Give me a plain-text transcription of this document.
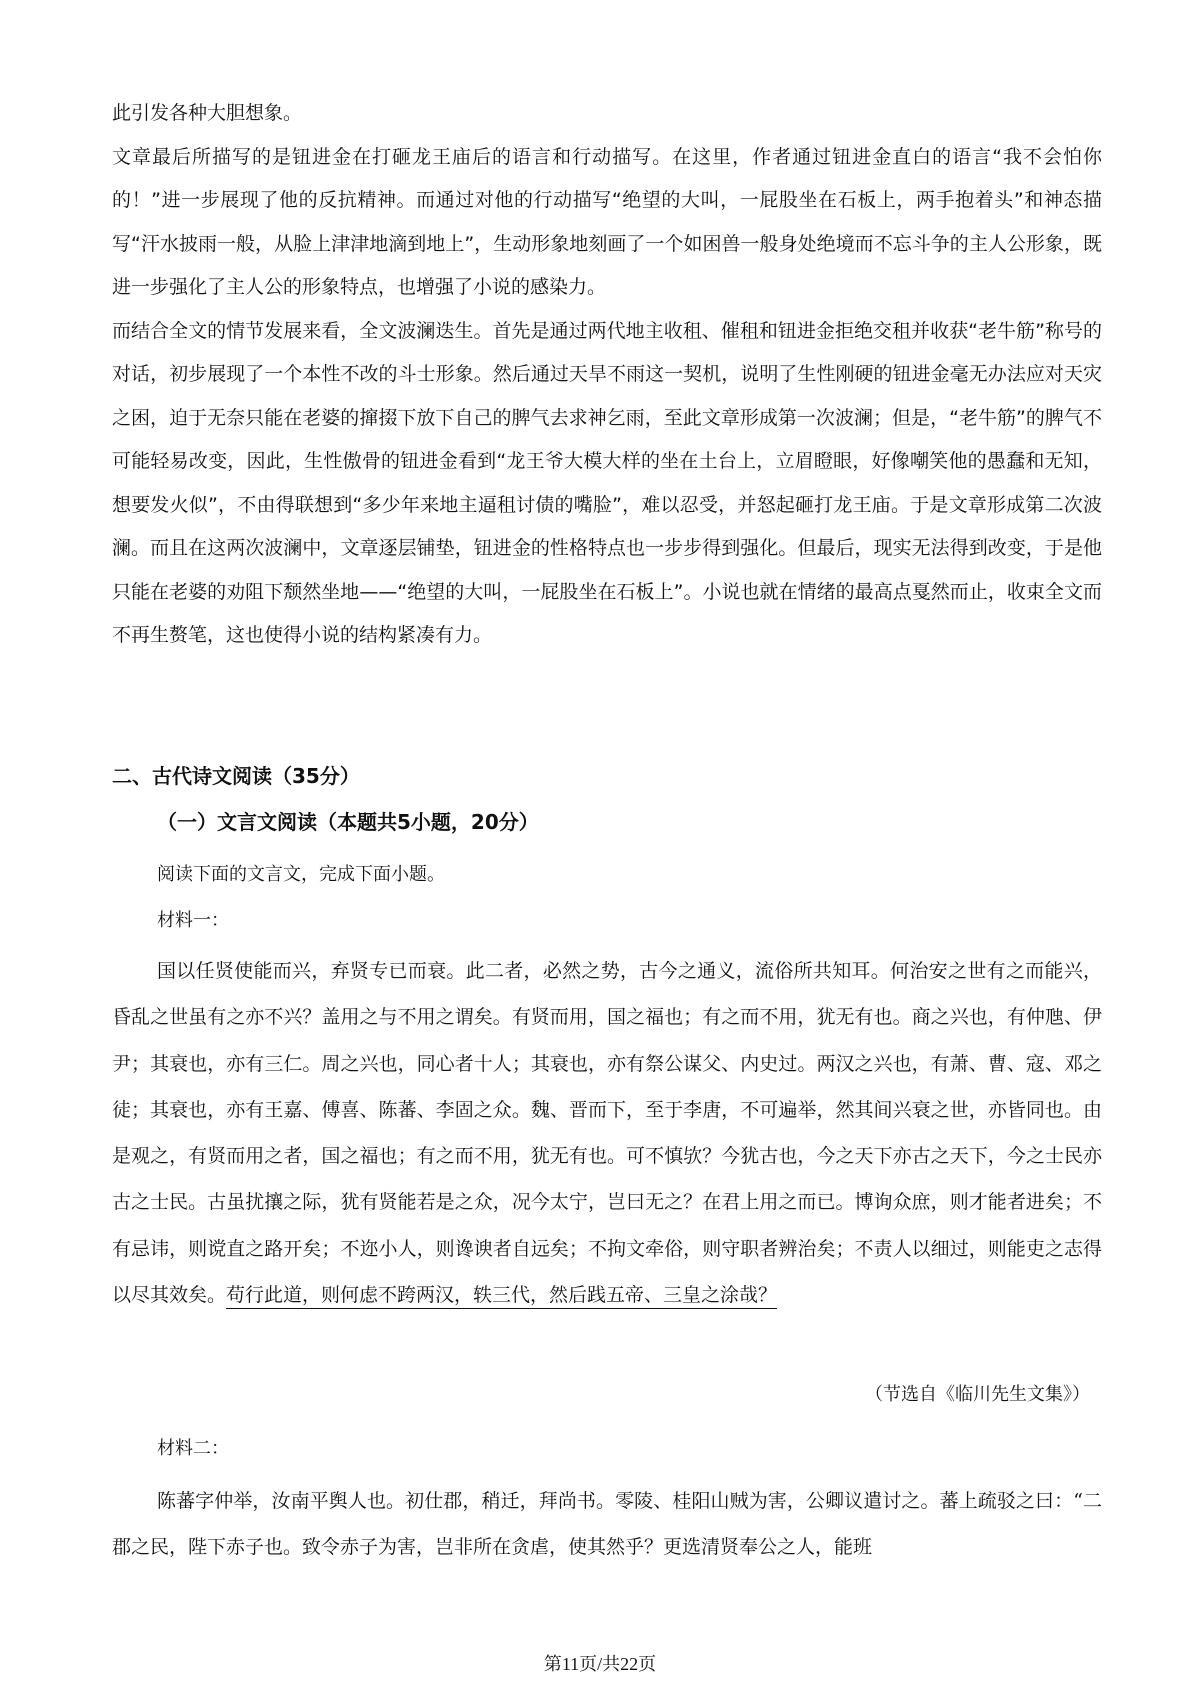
此引发各种大胆想象。

文章最后所描写的是钮进金在打砸龙王庙后的语言和行动描写。在这里，作者通过钮进金直白的语言“我不会怕你的！”进一步展现了他的反抗精神。而通过对他的行动描写“绝望的大叫，一屁股坐在石板上，两手抱着头”和神态描写“汗水披雨一般，从脸上津津地滴到地上”，生动形象地刻画了一个如困兽一般身处绝境而不忘斗争的主人公形象，既进一步强化了主人公的形象特点，也增强了小说的感染力。

而结合全文的情节发展来看，全文波澜迭生。首先是通过两代地主收租、催租和钮进金拒绝交租并收获“老牛筋”称号的对话，初步展现了一个本性不改的斗士形象。然后通过天旱不雨这一契机，说明了生性刚硬的钮进金毫无办法应对天灾之困，迫于无奈只能在老婆的撺掇下放下自己的脾气去求神乞雨，至此文章形成第一次波澜；但是，“老牛筋”的脾气不可能轻易改变，因此，生性傲骨的钮进金看到“龙王爷大模大样的坐在土台上，立眉瞪眼，好像嘲笑他的愚蠢和无知，想要发火似”，不由得联想到“多少年来地主逼租讨债的嘴脸”，难以忍受，并怒起砸打龙王庙。于是文章形成第二次波澜。而且在这两次波澜中，文章逐层铺垫，钮进金的性格特点也一步步得到强化。但最后，现实无法得到改变，于是他只能在老婆的劝阻下颓然坐地——“绝望的大叫，一屁股坐在石板上”。小说也就在情绪的最高点戛然而止，收束全文而不再生赘笔，这也使得小说的结构紧凑有力。

二、古代诗文阅读（35分）
（一）文言文阅读（本题共5小题，20分）
阅读下面的文言文，完成下面小题。
材料一：

国以任贤使能而兴，弃贤专已而衰。此二者，必然之势，古今之通义，流俗所共知耳。何治安之世有之而能兴，昏乱之世虽有之亦不兴？盖用之与不用之谓矣。有贤而用，国之福也；有之而不用，犹无有也。商之兴也，有仲虺、伊尹；其衰也，亦有三仁。周之兴也，同心者十人；其衰也，亦有祭公谋父、内史过。两汉之兴也，有萧、曹、寇、邓之徒；其衰也，亦有王嘉、傅喜、陈蕃、李固之众。魏、晋而下，至于李唐，不可遍举，然其间兴衰之世，亦皆同也。由是观之，有贤而用之者，国之福也；有之而不用，犹无有也。可不慎欤？今犹古也，今之天下亦古之天下，今之士民亦古之士民。古虽扰攘之际，犹有贤能若是之众，况今太宁，岂曰无之？在君上用之而已。博询众庶，则才能者进矣；不有忌讳，则谠直之路开矣；不迩小人，则谗谀者自远矣；不拘文牵俗，则守职者辨治矣；不责人以细过，则能吏之志得以尽其效矣。苟行此道，则何虑不跨两汉，轶三代，然后践五帝、三皇之涂哉？

（节选自《临川先生文集》）
材料二：

陈蕃字仲举，汝南平舆人也。初仕郡，稍迁，拜尚书。零陵、桂阳山贼为害，公卿议遣讨之。蕃上疏驳之曰：“二郡之民，陛下赤子也。致令赤子为害，岂非所在贪虐，使其然乎？更选清贤奉公之人，能班

第11页/共22页
